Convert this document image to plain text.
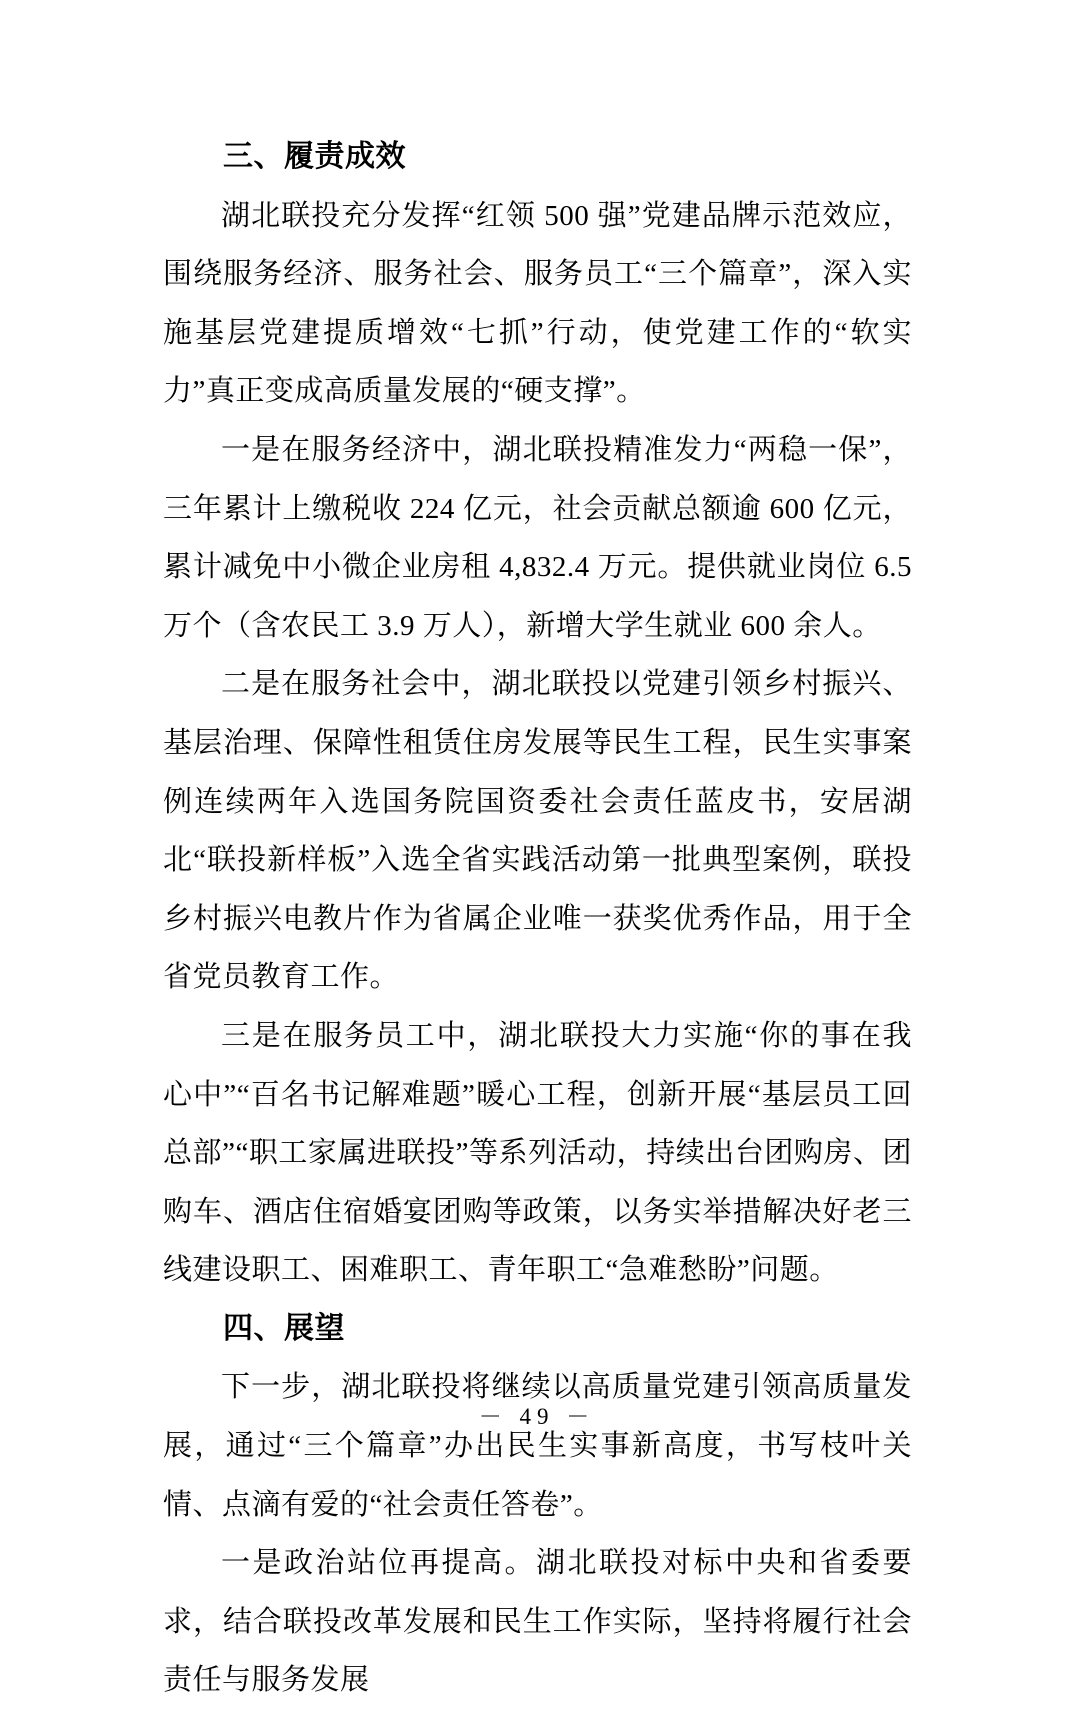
三、履责成效

湖北联投充分发挥“红领 500 强”党建品牌示范效应，围绕服务经济、服务社会、服务员工“三个篇章”，深入实施基层党建提质增效“七抓”行动，使党建工作的“软实力”真正变成高质量发展的“硬支撑”。

一是在服务经济中，湖北联投精准发力“两稳一保”，三年累计上缴税收 224 亿元，社会贡献总额逾 600 亿元，累计减免中小微企业房租 4,832.4 万元。提供就业岗位 6.5 万个（含农民工 3.9 万人），新增大学生就业 600 余人。

二是在服务社会中，湖北联投以党建引领乡村振兴、基层治理、保障性租赁住房发展等民生工程，民生实事案例连续两年入选国务院国资委社会责任蓝皮书，安居湖北“联投新样板”入选全省实践活动第一批典型案例，联投乡村振兴电教片作为省属企业唯一获奖优秀作品，用于全省党员教育工作。

三是在服务员工中，湖北联投大力实施“你的事在我心中”“百名书记解难题”暖心工程，创新开展“基层员工回总部”“职工家属进联投”等系列活动，持续出台团购房、团购车、酒店住宿婚宴团购等政策，以务实举措解决好老三线建设职工、困难职工、青年职工“急难愁盼”问题。

四、展望

下一步，湖北联投将继续以高质量党建引领高质量发展，通过“三个篇章”办出民生实事新高度，书写枝叶关情、点滴有爱的“社会责任答卷”。

一是政治站位再提高。湖北联投对标中央和省委要求，结合联投改革发展和民生工作实际，坚持将履行社会责任与服务发展

－ 49 －
